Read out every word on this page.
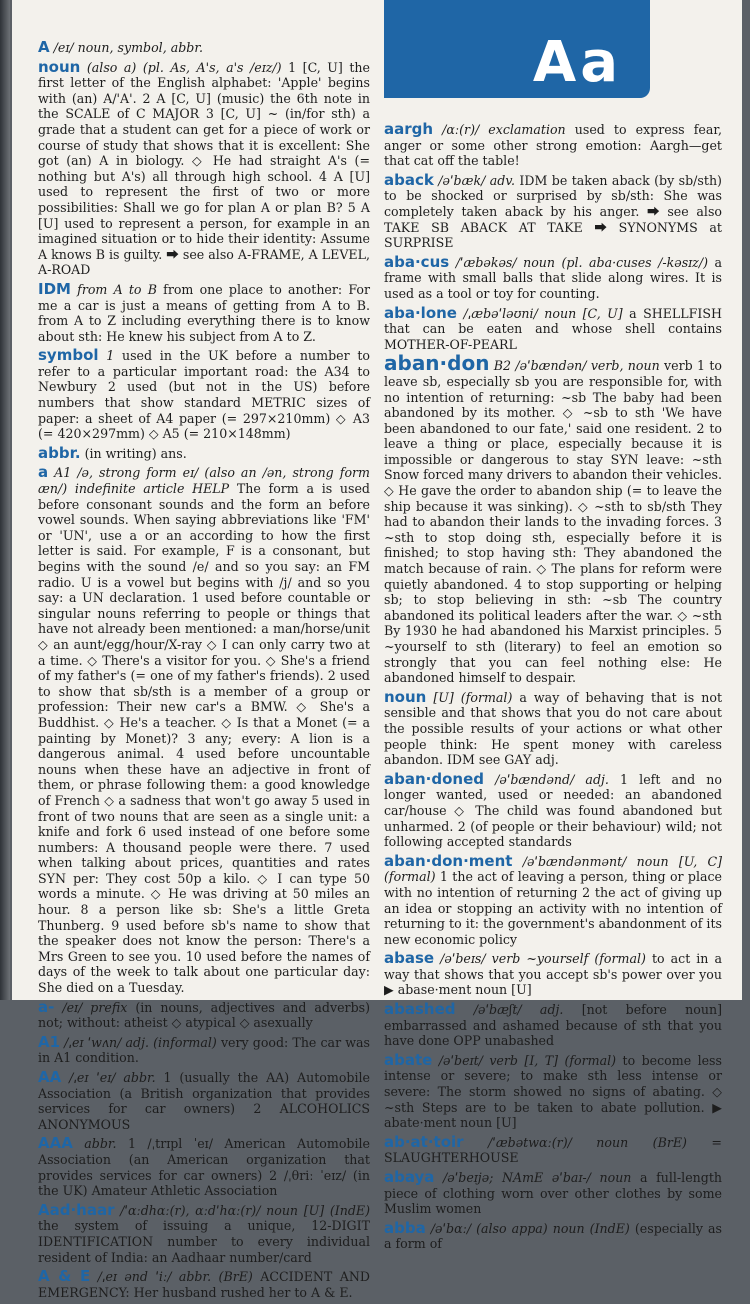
Aa
A /eɪ/ noun, symbol, abbr.
noun (also a) (pl. As, A's, a's /eɪz/) 1 [C, U] the first letter of the English alphabet: 'Apple' begins with (an) A/'A'. 2 A [C, U] (music) the 6th note in the SCALE of C MAJOR 3 [C, U] ~ (in/for sth) a grade that a student can get for a piece of work or course of study that shows that it is excellent: She got (an) A in biology. ◇ He had straight A's (= nothing but A's) all through high school. 4 A [U] used to represent the first of two or more possibilities: Shall we go for plan A or plan B? 5 A [U] used to represent a person, for example in an imagined situation or to hide their identity: Assume A knows B is guilty. ⮕ see also A-FRAME, A LEVEL, A-ROAD
IDM from A to B from one place to another: For me a car is just a means of getting from A to B. from A to Z including everything there is to know about sth: He knew his subject from A to Z.
symbol 1 used in the UK before a number to refer to a particular important road: the A34 to Newbury 2 used (but not in the US) before numbers that show standard METRIC sizes of paper: a sheet of A4 paper (= 297×210mm) ◇ A3 (= 420×297mm) ◇ A5 (= 210×148mm)
abbr. (in writing) ans.
a A1 /ə, strong form eɪ/ (also an /ən, strong form æn/) indefinite article HELP The form a is used before consonant sounds and the form an before vowel sounds. When saying abbreviations like 'FM' or 'UN', use a or an according to how the first letter is said. For example, F is a consonant, but begins with the sound /e/ and so you say: an FM radio. U is a vowel but begins with /j/ and so you say: a UN declaration. 1 used before countable or singular nouns referring to people or things that have not already been mentioned: a man/horse/unit ◇ an aunt/egg/hour/X-ray ◇ I can only carry two at a time. ◇ There's a visitor for you. ◇ She's a friend of my father's (= one of my father's friends). 2 used to show that sb/sth is a member of a group or profession: Their new car's a BMW. ◇ She's a Buddhist. ◇ He's a teacher. ◇ Is that a Monet (= a painting by Monet)? 3 any; every: A lion is a dangerous animal. 4 used before uncountable nouns when these have an adjective in front of them, or phrase following them: a good knowledge of French ◇ a sadness that won't go away 5 used in front of two nouns that are seen as a single unit: a knife and fork 6 used instead of one before some numbers: A thousand people were there. 7 used when talking about prices, quantities and rates SYN per: They cost 50p a kilo. ◇ I can type 50 words a minute. ◇ He was driving at 50 miles an hour. 8 a person like sb: She's a little Greta Thunberg. 9 used before sb's name to show that the speaker does not know the person: There's a Mrs Green to see you. 10 used before the names of days of the week to talk about one particular day: She died on a Tuesday.
a- /eɪ/ prefix (in nouns, adjectives and adverbs) not; without: atheist ◇ atypical ◇ asexually
A1 /ˌeɪ ˈwʌn/ adj. (informal) very good: The car was in A1 condition.
AA /ˌeɪ ˈeɪ/ abbr. 1 (usually the AA) Automobile Association (a British organization that provides services for car owners) 2 ALCOHOLICS ANONYMOUS
AAA abbr. 1 /ˌtrɪpl ˈeɪ/ American Automobile Association (an American organization that provides services for car owners) 2 /ˌθriː ˈeɪz/ (in the UK) Amateur Athletic Association
Aad·haar /ˈɑːdhɑː(r), ɑːdˈhɑː(r)/ noun [U] (IndE) the system of issuing a unique, 12-DIGIT IDENTIFICATION number to every individual resident of India: an Aadhaar number/card
A & E /ˌeɪ ənd ˈiː/ abbr. (BrE) ACCIDENT AND EMERGENCY: Her husband rushed her to A & E.
aargh /ɑː(r)/ exclamation used to express fear, anger or some other strong emotion: Aargh—get that cat off the table!
aback /əˈbæk/ adv. IDM be taken aback (by sb/sth) to be shocked or surprised by sb/sth: She was completely taken aback by his anger. ⮕ see also TAKE SB ABACK AT TAKE ⮕ SYNONYMS at SURPRISE
aba·cus /ˈæbəkəs/ noun (pl. aba·cuses /-kəsɪz/) a frame with small balls that slide along wires. It is used as a tool or toy for counting.
aba·lone /ˌæbəˈləʊni/ noun [C, U] a SHELLFISH that can be eaten and whose shell contains MOTHER-OF-PEARL
aban·don B2 /əˈbændən/ verb, noun verb 1 to leave sb, especially sb you are responsible for, with no intention of returning: ~sb The baby had been abandoned by its mother. ◇ ~sb to sth 'We have been abandoned to our fate,' said one resident. 2 to leave a thing or place, especially because it is impossible or dangerous to stay SYN leave: ~sth Snow forced many drivers to abandon their vehicles. ◇ He gave the order to abandon ship (= to leave the ship because it was sinking). ◇ ~sth to sb/sth They had to abandon their lands to the invading forces. 3 ~sth to stop doing sth, especially before it is finished; to stop having sth: They abandoned the match because of rain. ◇ The plans for reform were quietly abandoned. 4 to stop supporting or helping sb; to stop believing in sth: ~sb The country abandoned its political leaders after the war. ◇ ~sth By 1930 he had abandoned his Marxist principles. 5 ~yourself to sth (literary) to feel an emotion so strongly that you can feel nothing else: He abandoned himself to despair.
noun [U] (formal) a way of behaving that is not sensible and that shows that you do not care about the possible results of your actions or what other people think: He spent money with careless abandon. IDM see GAY adj.
aban·doned /əˈbændənd/ adj. 1 left and no longer wanted, used or needed: an abandoned car/house ◇ The child was found abandoned but unharmed. 2 (of people or their behaviour) wild; not following accepted standards
aban·don·ment /əˈbændənmənt/ noun [U, C] (formal) 1 the act of leaving a person, thing or place with no intention of returning 2 the act of giving up an idea or stopping an activity with no intention of returning to it: the government's abandonment of its new economic policy
abase /əˈbeɪs/ verb ~yourself (formal) to act in a way that shows that you accept sb's power over you ▶ abase·ment noun [U]
abashed /əˈbæʃt/ adj. [not before noun] embarrassed and ashamed because of sth that you have done OPP unabashed
abate /əˈbeɪt/ verb [I, T] (formal) to become less intense or severe; to make sth less intense or severe: The storm showed no signs of abating. ◇ ~sth Steps are to be taken to abate pollution. ▶ abate·ment noun [U]
ab·at·toir /ˈæbətwɑː(r)/ noun (BrE) = SLAUGHTERHOUSE
abaya /əˈbeɪjə; NAmE əˈbaɪ-/ noun a full-length piece of clothing worn over other clothes by some Muslim women
abba /əˈbɑː/ (also appa) noun (IndE) (especially as a form of
